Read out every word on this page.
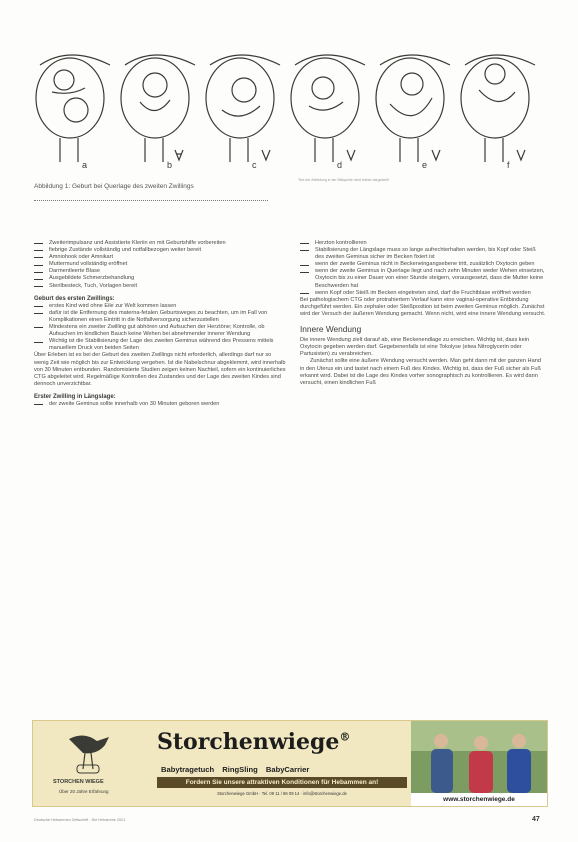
a	b	c	d	e	f
Abbildung 1: Geburt bei Querlage des zweiten Zwillings
Text der Abbildung in der Bildquelle nicht lesbar dargestellt
Zweiterimpulsanz und Assistierte Kleriin en mit Geburtshilfe vorbereiten
fiebrige Zustände vollständig und notfallbezogen weiter bereit
Amniohook oder Amnikart
Muttermund vollständig eröffnet
Darmentleerte Blase
Ausgebildete Schmerzbehandlung
Sterilbesteck, Tuch, Vorlagen bereit
Geburt des ersten Zwillings:
erstes Kind wird ohne Eile zur Welt kommen lassen
dafür ist die Entfernung des materna-fetalen Geburtsweges zu beachten, um im Fall von Komplikationen einen Eintritt in die Notfallversorgung sicherzustellen
Mindestens ein zweiter Zwilling gut abhören und Aufsuchen der Herztöne; Kontrolle, ob Aufsuchen im kindlichen Bauch keine Wehen bei abnehmender innerer Wendung
Wichtig ist die Stabilisierung der Lage des zweiten Geminus während des Pressens mittels manuellem Druck von beiden Seiten

Über Erleben ist es bei der Geburt des zweiten Zwillings nicht erforderlich, allerdings darf nur so wenig Zeit wie möglich bis zur Entwicklung vergehen. Ist die Nabelschnur abgeklemmt, wird innerhalb von 30 Minuten entbunden. Randomisierte Studien zeigen keinen Nachteil, sofern ein kontinuierliches CTG abgeleitet wird. Regelmäßige Kontrollen des Zustandes und der Lage des zweiten Kindes sind dennoch unverzichtbar.

Erster Zwilling in Längslage:
der zweite Geminus sollte innerhalb von 30 Minuten geboren werden
Herzton kontrollieren
Stabilisierung der Längslage muss so lange aufrechterhalten werden, bis Kopf oder Steiß des zweiten Geminus sicher im Becken fixiert ist
wenn der zweite Geminus nicht in Beckeneingangsebene tritt, zusätzlich Oxytocin geben
wenn der zweite Geminus in Querlage liegt und nach zehn Minuten weder Wehen einsetzen, Oxytocin bis zu einer Dauer von einer Stunde steigern, vorausgesetzt, dass die Mutter keine Beschwerden hat
wenn Kopf oder Steiß im Becken eingetreten sind, darf die Fruchtblase eröffnet werden

Bei pathologischem CTG oder protrahiertem Verlauf kann eine vaginal-operative Entbindung durchgeführt werden. Ein zephaler oder Steißposition ist beim zweiten Geminus möglich. Zunächst wird der Versuch der äußeren Wendung gemacht. Wenn nicht, wird eine innere Wendung versucht.

Innere Wendung

Die innere Wendung zielt darauf ab, eine Beckenendlage zu erreichen. Wichtig ist, dass kein Oxytocin gegeben werden darf. Gegebenenfalls ist eine Tokolyse (etwa Nitroglycerin oder Partusisten) zu verabreichen.

Zunächst sollte eine äußere Wendung versucht werden. Man geht dann mit der ganzen Hand in den Uterus ein und tastet nach einem Fuß des Kindes. Wichtig ist, dass der Fuß sicher als Fuß erkannt wird. Dabei ist die Lage des Kindes vorher sonographisch zu kontrollieren. Es wird dann versucht, einen kindlichen Fuß

STORCHEN WIEGE
Über 20 Jahre Erfahrung
Storchenwiege®
Babytragetuch RingSling BabyCarrier
Fordern Sie unsere attraktiven Konditionen für Hebammen an!
Storchenwiege GmbH · Tel. 09 11 / 96 09 14 · info@storchenwiege.de
www.storchenwiege.de
Deutsche Hebammen Zeitschrift · Die Hebamme 2021	47
